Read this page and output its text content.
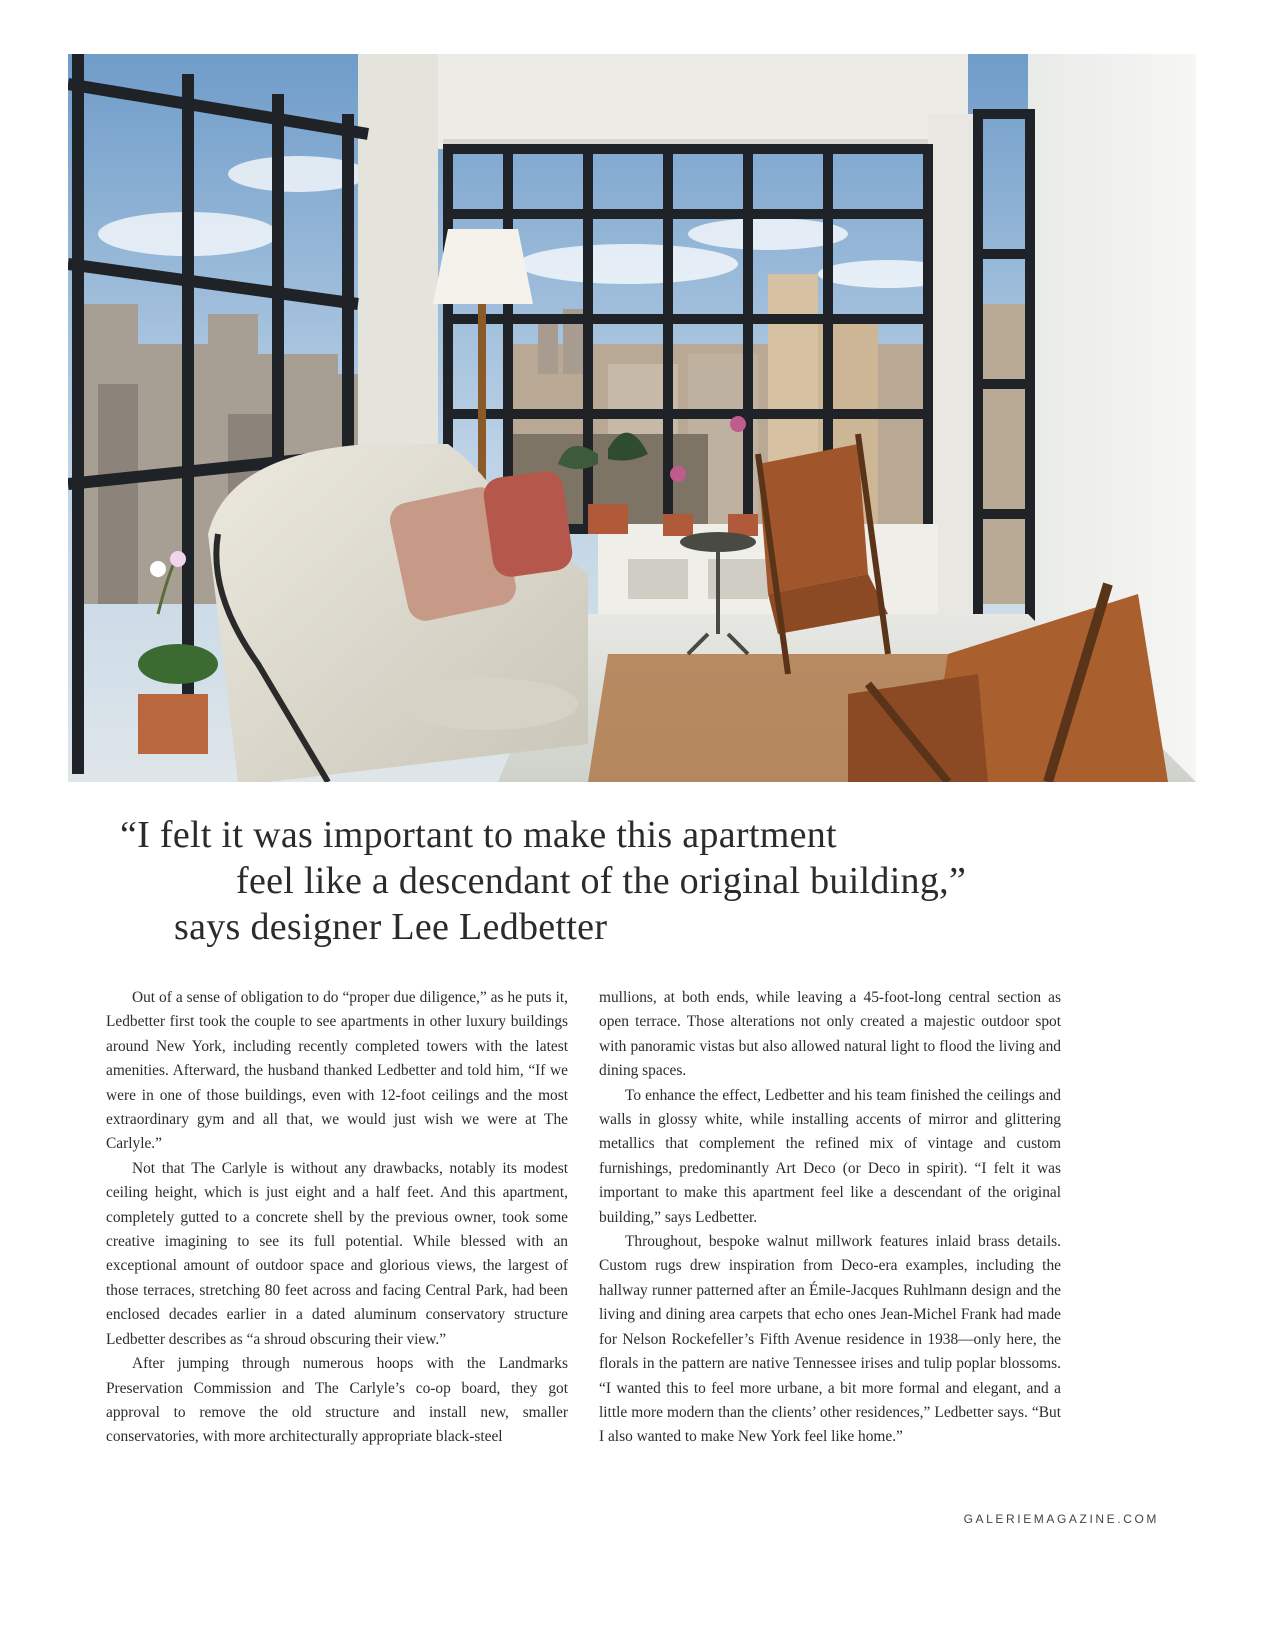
“I felt it was important to make this apartment
feel like a descendant of the original building,”
says designer Lee Ledbetter

Out of a sense of obligation to do “proper due diligence,” as he puts it, Ledbetter first took the couple to see apartments in other luxury buildings around New York, including recently completed towers with the latest amenities. Afterward, the husband thanked Ledbetter and told him, “If we were in one of those buildings, even with 12-foot ceilings and the most extraordinary gym and all that, we would just wish we were at The Carlyle.”

Not that The Carlyle is without any drawbacks, notably its modest ceiling height, which is just eight and a half feet. And this apartment, completely gutted to a concrete shell by the previous owner, took some creative imagining to see its full potential. While blessed with an exceptional amount of outdoor space and glorious views, the largest of those terraces, stretching 80 feet across and facing Central Park, had been enclosed decades earlier in a dated aluminum conservatory structure Ledbetter describes as “a shroud obscuring their view.”

After jumping through numerous hoops with the Landmarks Preservation Commission and The Carlyle’s co-op board, they got approval to remove the old structure and install new, smaller conservatories, with more architecturally appropriate black-steel

mullions, at both ends, while leaving a 45-foot-long central section as open terrace. Those alterations not only created a majestic outdoor spot with panoramic vistas but also allowed natural light to flood the living and dining spaces.

To enhance the effect, Ledbetter and his team finished the ceilings and walls in glossy white, while installing accents of mirror and glittering metallics that complement the refined mix of vintage and custom furnishings, predominantly Art Deco (or Deco in spirit). “I felt it was important to make this apartment feel like a descendant of the original building,” says Ledbetter.

Throughout, bespoke walnut millwork features inlaid brass details. Custom rugs drew inspiration from Deco-era examples, including the hallway runner patterned after an Émile-Jacques Ruhlmann design and the living and dining area carpets that echo ones Jean-Michel Frank had made for Nelson Rockefeller’s Fifth Avenue residence in 1938—only here, the florals in the pattern are native Tennessee irises and tulip poplar blossoms. “I wanted this to feel more urbane, a bit more formal and elegant, and a little more modern than the clients’ other residences,” Ledbetter says. “But I also wanted to make New York feel like home.”

GALERIEMAGAZINE.COM
